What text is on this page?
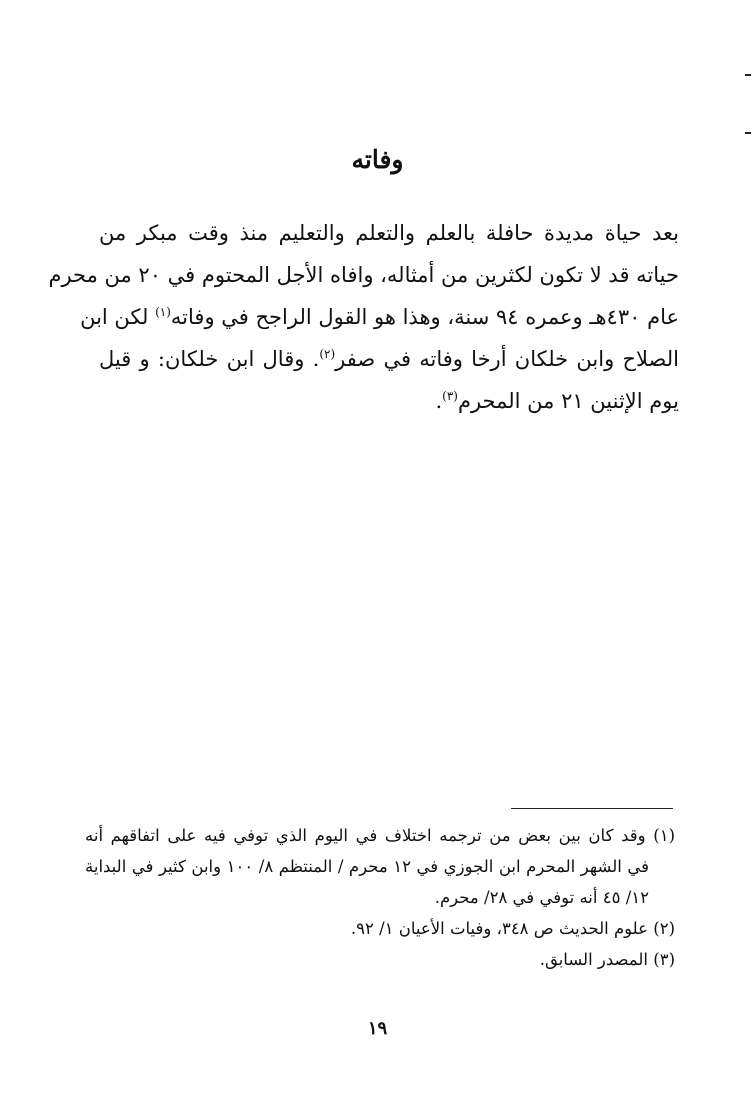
وفاته
بعد حياة مديدة حافلة بالعلم والتعلم والتعليم منذ وقت مبكر من
حياته قد لا تكون لكثرين من أمثاله، وافاه الأجل المحتوم في ٢٠ من محرم
عام ٤٣٠هـ وعمره ٩٤ سنة، وهذا هو القول الراجح في وفاته$^{(١)}$ لكن ابن
الصلاح وابن خلكان أرخا وفاته في صفر$^{(٢)}$. وقال ابن خلكان: و قيل
يوم الإثنين ٢١ من المحرم$^{(٣)}$.
(١) وقد كان بين بعض من ترجمه اختلاف في اليوم الذي توفي فيه على اتفاقهم أنه
في الشهر المحرم ابن الجوزي في ١٢ محرم / المنتظم ٨/ ١٠٠ وابن كثير في البداية
١٢/ ٤٥ أنه توفي في ٢٨/ محرم.
(٢) علوم الحديث ص ٣٤٨، وفيات الأعيان ١/ ٩٢.
(٣) المصدر السابق.
١٩
